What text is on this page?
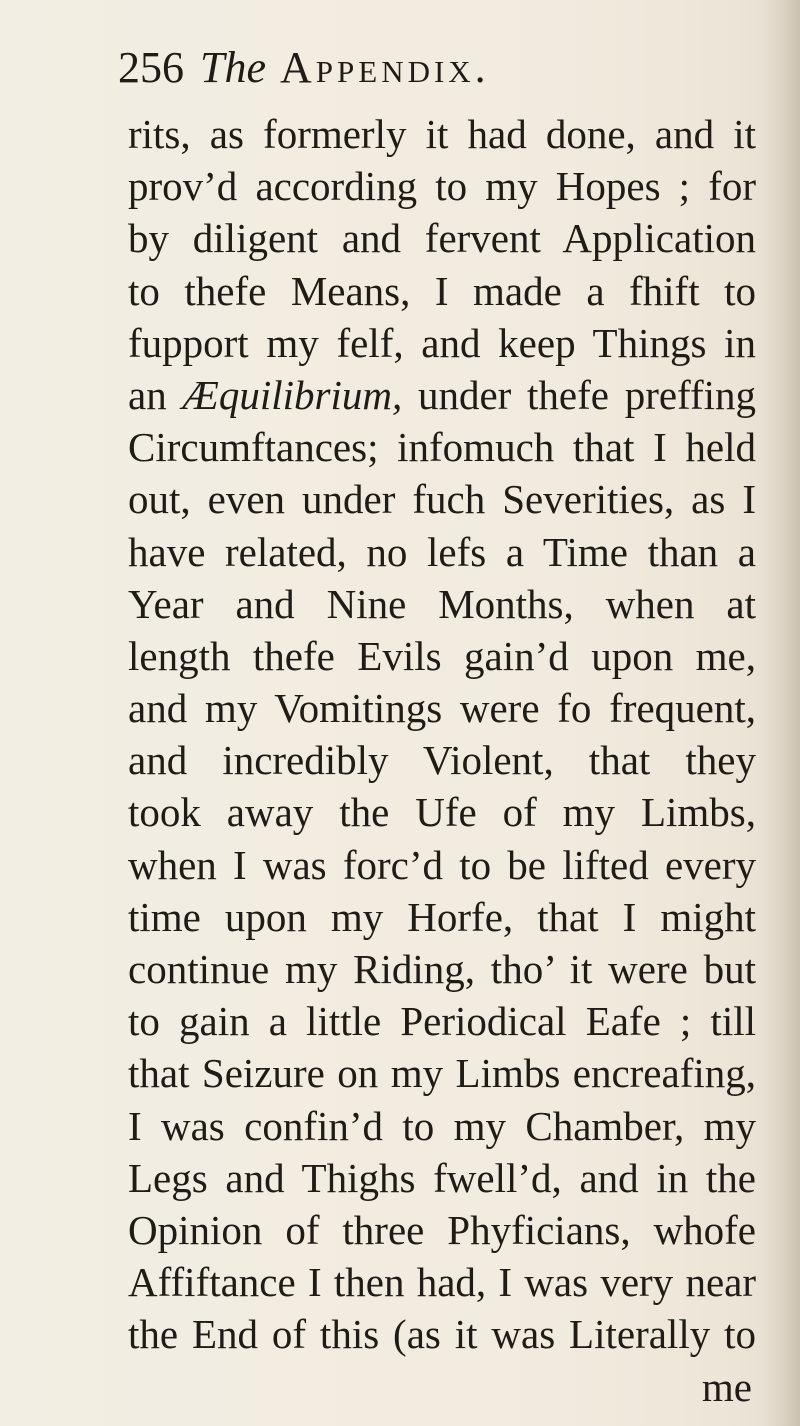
256 The Appendix.
rits, as formerly it had done, and it
prov’d according to my Hopes ; for
by diligent and fervent Application
to thefe Means, I made a fhift to
fupport my felf, and keep Things in
an Æquilibrium, under thefe preffing
Circumftances; infomuch that I held
out, even under fuch Severities, as I
have related, no lefs a Time than a
Year and Nine Months, when at
length thefe Evils gain’d upon me,
and my Vomitings were fo frequent,
and incredibly Violent, that they
took away the Ufe of my Limbs,
when I was forc’d to be lifted every
time upon my Horfe, that I might
continue my Riding, tho’ it were but
to gain a little Periodical Eafe ; till
that Seizure on my Limbs encreafing,
I was confin’d to my Chamber, my
Legs and Thighs fwell’d, and in the
Opinion of three Phyficians, whofe
Affiftance I then had, I was very near
the End of this (as it was Literally to
me
